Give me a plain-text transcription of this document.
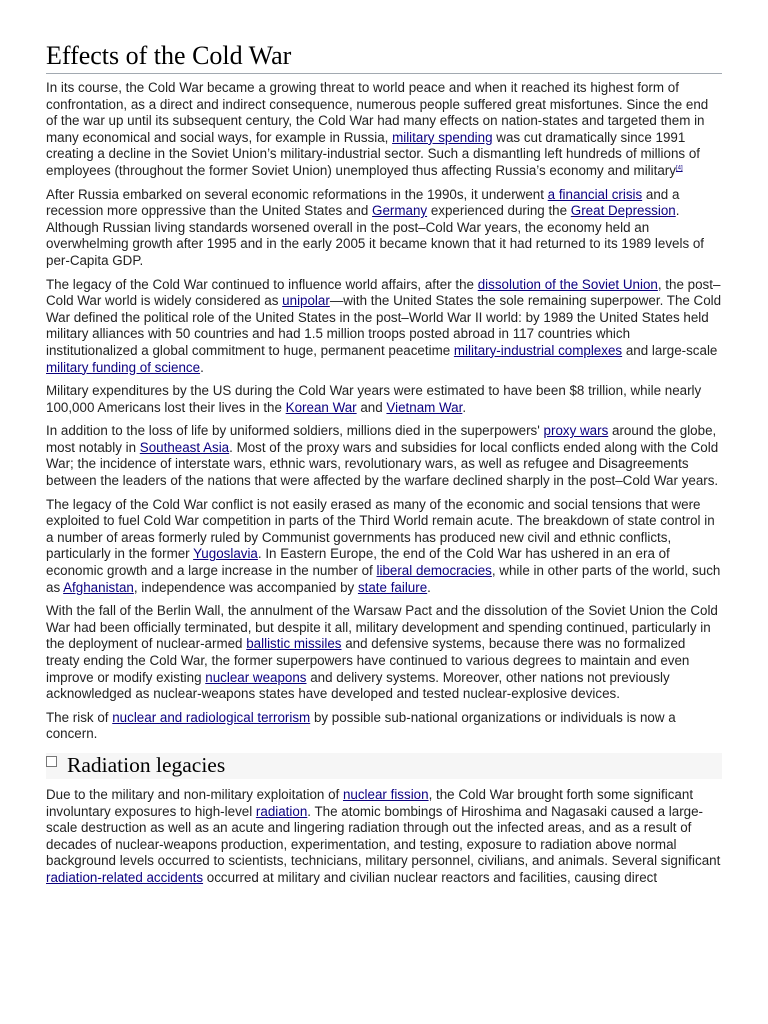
Effects of the Cold War

In its course, the Cold War became a growing threat to world peace and when it reached its highest form of confrontation, as a direct and indirect consequence, numerous people suffered great misfortunes. Since the end of the war up until its subsequent century, the Cold War had many effects on nation-states and targeted them in many economical and social ways, for example in Russia, military spending was cut dramatically since 1991 creating a decline in the Soviet Union’s military-industrial sector. Such a dismantling left hundreds of millions of employees (throughout the former Soviet Union) unemployed thus affecting Russia’s economy and military[4]

After Russia embarked on several economic reformations in the 1990s, it underwent a financial crisis and a recession more oppressive than the United States and Germany experienced during the Great Depression. Although Russian living standards worsened overall in the post–Cold War years, the economy held an overwhelming growth after 1995 and in the early 2005 it became known that it had returned to its 1989 levels of per-Capita GDP.

The legacy of the Cold War continued to influence world affairs, after the dissolution of the Soviet Union, the post–Cold War world is widely considered as unipolar—with the United States the sole remaining superpower. The Cold War defined the political role of the United States in the post–World War II world: by 1989 the United States held military alliances with 50 countries and had 1.5 million troops posted abroad in 117 countries which institutionalized a global commitment to huge, permanent peacetime military-industrial complexes and large-scale military funding of science.

Military expenditures by the US during the Cold War years were estimated to have been $8 trillion, while nearly 100,000 Americans lost their lives in the Korean War and Vietnam War.

In addition to the loss of life by uniformed soldiers, millions died in the superpowers' proxy wars around the globe, most notably in Southeast Asia. Most of the proxy wars and subsidies for local conflicts ended along with the Cold War; the incidence of interstate wars, ethnic wars, revolutionary wars, as well as refugee and Disagreements between the leaders of the nations that were affected by the warfare declined sharply in the post–Cold War years.

The legacy of the Cold War conflict is not easily erased as many of the economic and social tensions that were exploited to fuel Cold War competition in parts of the Third World remain acute. The breakdown of state control in a number of areas formerly ruled by Communist governments has produced new civil and ethnic conflicts, particularly in the former Yugoslavia. In Eastern Europe, the end of the Cold War has ushered in an era of economic growth and a large increase in the number of liberal democracies, while in other parts of the world, such as Afghanistan, independence was accompanied by state failure.

With the fall of the Berlin Wall, the annulment of the Warsaw Pact and the dissolution of the Soviet Union the Cold War had been officially terminated, but despite it all, military development and spending continued, particularly in the deployment of nuclear-armed ballistic missiles and defensive systems, because there was no formalized treaty ending the Cold War, the former superpowers have continued to various degrees to maintain and even improve or modify existing nuclear weapons and delivery systems. Moreover, other nations not previously acknowledged as nuclear-weapons states have developed and tested nuclear-explosive devices.

The risk of nuclear and radiological terrorism by possible sub-national organizations or individuals is now a concern.

Radiation legacies

Due to the military and non-military exploitation of nuclear fission, the Cold War brought forth some significant involuntary exposures to high-level radiation. The atomic bombings of Hiroshima and Nagasaki caused a large-scale destruction as well as an acute and lingering radiation through out the infected areas, and as a result of decades of nuclear-weapons production, experimentation, and testing, exposure to radiation above normal background levels occurred to scientists, technicians, military personnel, civilians, and animals. Several significant radiation-related accidents occurred at military and civilian nuclear reactors and facilities, causing direct
